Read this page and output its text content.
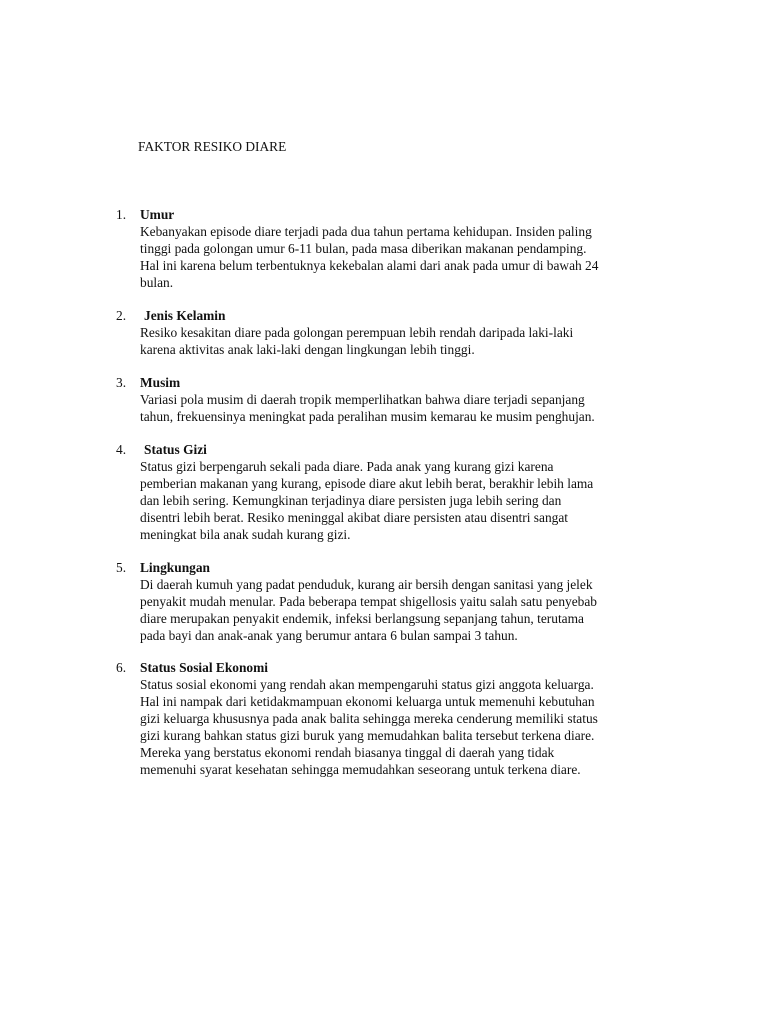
FAKTOR RESIKO DIARE
1. Umur
Kebanyakan episode diare terjadi pada dua tahun pertama kehidupan. Insiden paling
tinggi pada golongan umur 6-11 bulan, pada masa diberikan makanan pendamping.
Hal ini karena belum terbentuknya kekebalan alami dari anak pada umur di bawah 24
bulan.
2. Jenis Kelamin
Resiko kesakitan diare pada golongan perempuan lebih rendah daripada laki-laki
karena aktivitas anak laki-laki dengan lingkungan lebih tinggi.
3. Musim
Variasi pola musim di daerah tropik memperlihatkan bahwa diare terjadi sepanjang
tahun, frekuensinya meningkat pada peralihan musim kemarau ke musim penghujan.
4. Status Gizi
Status gizi berpengaruh sekali pada diare. Pada anak yang kurang gizi karena
pemberian makanan yang kurang, episode diare akut lebih berat, berakhir lebih lama
dan lebih sering. Kemungkinan terjadinya diare persisten juga lebih sering dan
disentri lebih berat. Resiko meninggal akibat diare persisten atau disentri sangat
meningkat bila anak sudah kurang gizi.
5. Lingkungan
Di daerah kumuh yang padat penduduk, kurang air bersih dengan sanitasi yang jelek
penyakit mudah menular. Pada beberapa tempat shigellosis yaitu salah satu penyebab
diare merupakan penyakit endemik, infeksi berlangsung sepanjang tahun, terutama
pada bayi dan anak-anak yang berumur antara 6 bulan sampai 3 tahun.
6. Status Sosial Ekonomi
Status sosial ekonomi yang rendah akan mempengaruhi status gizi anggota keluarga.
Hal ini nampak dari ketidakmampuan ekonomi keluarga untuk memenuhi kebutuhan
gizi keluarga khususnya pada anak balita sehingga mereka cenderung memiliki status
gizi kurang bahkan status gizi buruk yang memudahkan balita tersebut terkena diare.
Mereka yang berstatus ekonomi rendah biasanya tinggal di daerah yang tidak
memenuhi syarat kesehatan sehingga memudahkan seseorang untuk terkena diare.
